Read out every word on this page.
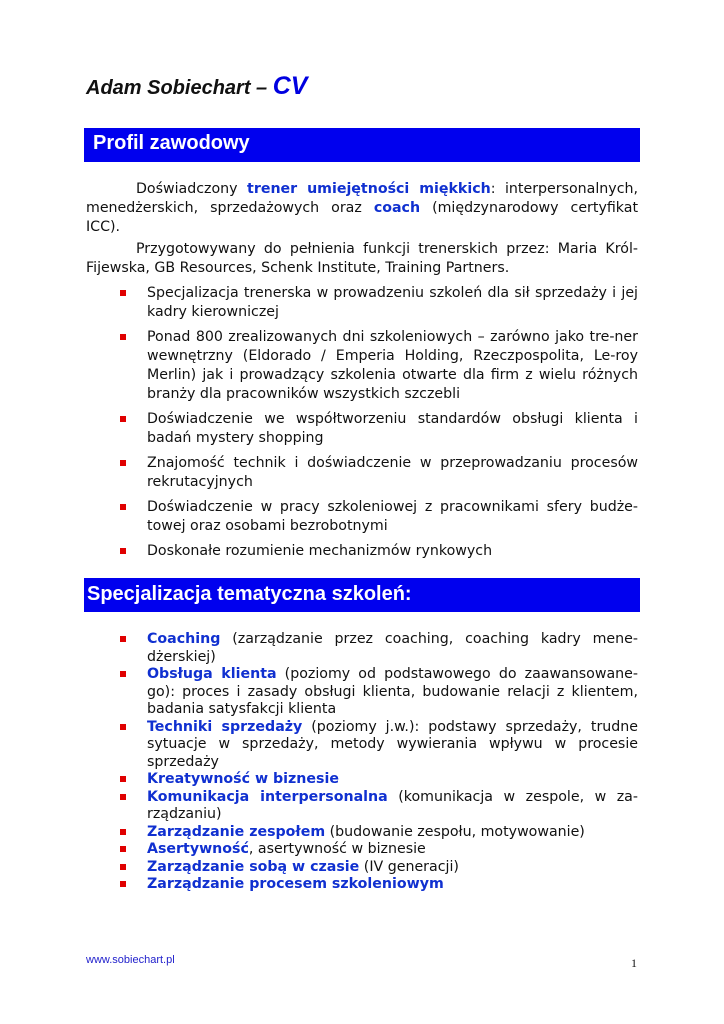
Adam Sobiechart – CV
Profil zawodowy
Doświadczony trener umiejętności miękkich: interpersonalnych, menedżerskich, sprzedażowych oraz coach (międzynarodowy certyfikat ICC).
Przygotowywany do pełnienia funkcji trenerskich przez: Maria Król-Fijewska, GB Resources, Schenk Institute, Training Partners.
Specjalizacja trenerska w prowadzeniu szkoleń dla sił sprzedaży i jej kadry kierowniczej
Ponad 800 zrealizowanych dni szkoleniowych – zarówno jako tre-ner wewnętrzny (Eldorado / Emperia Holding, Rzeczpospolita, Le-roy Merlin) jak i prowadzący szkolenia otwarte dla firm z wielu różnych branży dla pracowników wszystkich szczebli
Doświadczenie we współtworzeniu standardów obsługi klienta i badań mystery shopping
Znajomość technik i doświadczenie w przeprowadzaniu procesów rekrutacyjnych
Doświadczenie w pracy szkoleniowej z pracownikami sfery budże-towej oraz osobami bezrobotnymi
Doskonałe rozumienie mechanizmów rynkowych
Specjalizacja tematyczna szkoleń:
Coaching (zarządzanie przez coaching, coaching kadry mene-dżerskiej)
Obsługa klienta (poziomy od podstawowego do zaawansowane-go): proces i zasady obsługi klienta, budowanie relacji z klientem, badania satysfakcji klienta
Techniki sprzedaży (poziomy j.w.): podstawy sprzedaży, trudne sytuacje w sprzedaży, metody wywierania wpływu w procesie sprzedaży
Kreatywność w biznesie
Komunikacja interpersonalna (komunikacja w zespole, w za-rządzaniu)
Zarządzanie zespołem (budowanie zespołu, motywowanie)
Asertywność, asertywność w biznesie
Zarządzanie sobą w czasie (IV generacji)
Zarządzanie procesem szkoleniowym
www.sobiechart.pl	1
